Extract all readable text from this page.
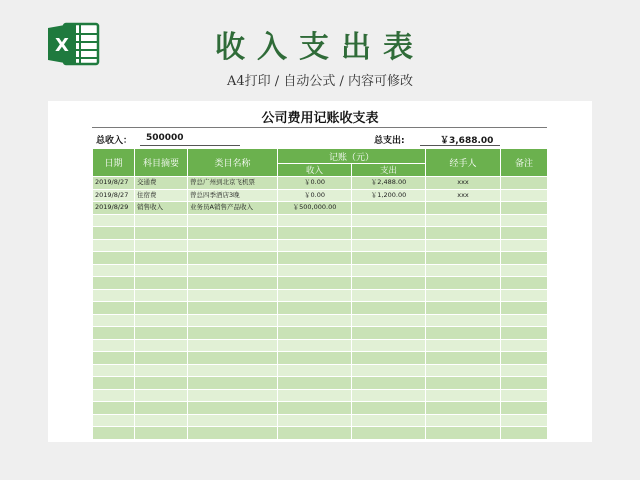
X	收入支出表
A4打印 / 自动公式 / 内容可修改
公司费用记账收支表
总收入： 500000	总支出:	￥3,688.00
日期	科目摘要	类目名称	记账（元）		经手人	备注
			收入	支出		
2019/8/27	交通费	曾总广州到北京飞机票	￥0.00	￥2,488.00	xxx	
2019/8/27	住宿费	曾总四季酒店3晚	￥0.00	￥1,200.00	xxx	
2019/8/29	销售收入	业务员A销售产品收入	￥500,000.00			
